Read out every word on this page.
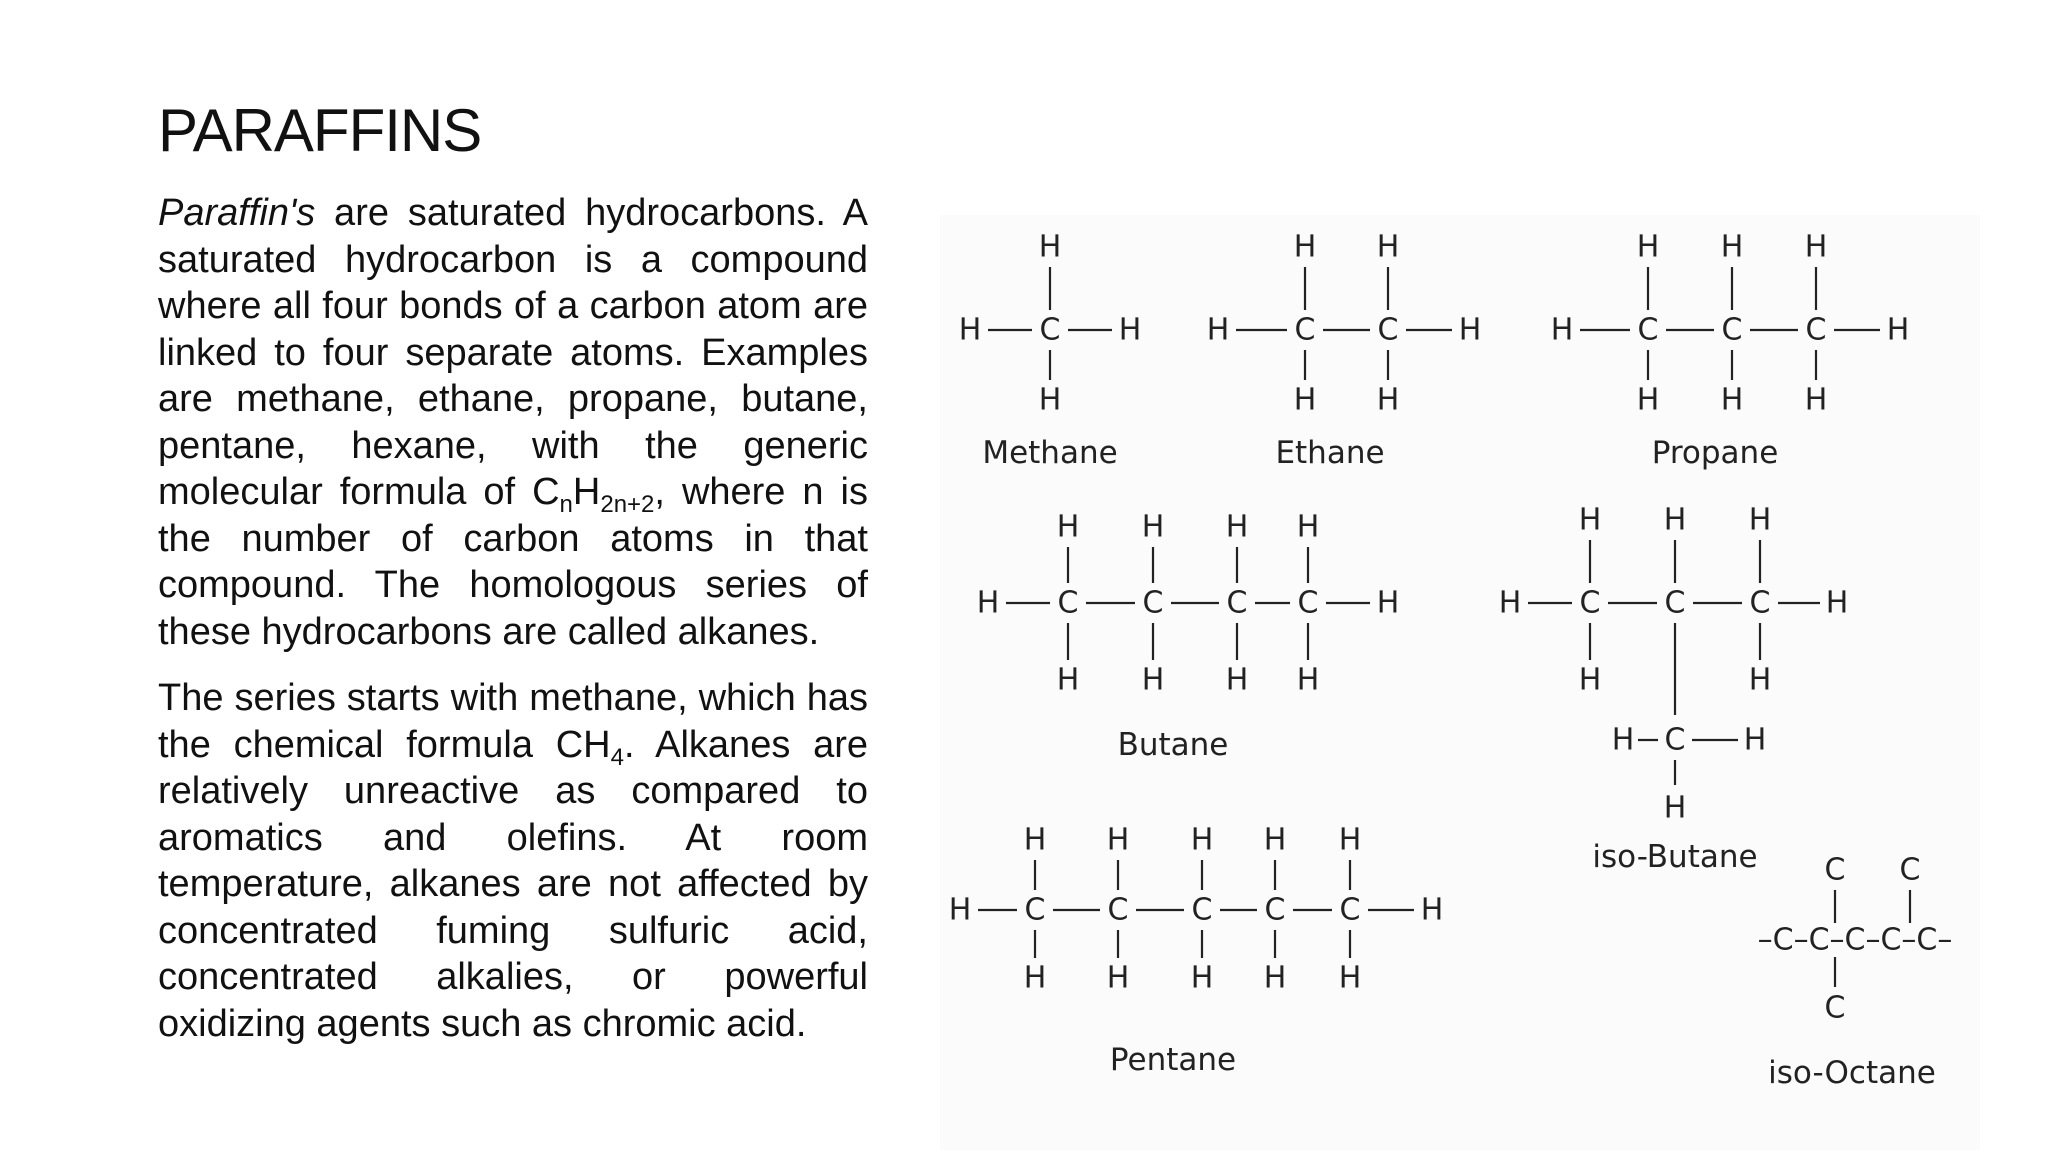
PARAFFINS

Paraffin's are saturated hydrocarbons. A saturated hydrocarbon is a compound where all four bonds of a carbon atom are linked to four separate atoms. Examples are methane, ethane, propane, butane, pentane, hexane, with the generic molecular formula of $C_nH_{2n+2}$, where n is the number of carbon atoms in that compound. The homologous series of these hydrocarbons are called alkanes.

The series starts with methane, which has the chemical formula $CH_4$. Alkanes are relatively unreactive as compared to aromatics and olefins. At room temperature, alkanes are not affected by concentrated fuming sulfuric acid, concentrated alkalies, or powerful oxidizing agents such as chromic acid.

H C
H
H
H
Methane
H C
H
H
C
H
H
H
Ethane
H C
H
H
C
H
H
C
H
H
H
Propane
H C
H
H
C
H
H
C
H
H
C
H
H
H
Butane
H C C C H
H H H
H	H
C
H	H
H
iso-Butane
H C
H
H
C
H
H
C
H
H
C
H
H
C
H
H
H
Pentane
–C–C–C–C–C–
C C
C
iso-Octane
